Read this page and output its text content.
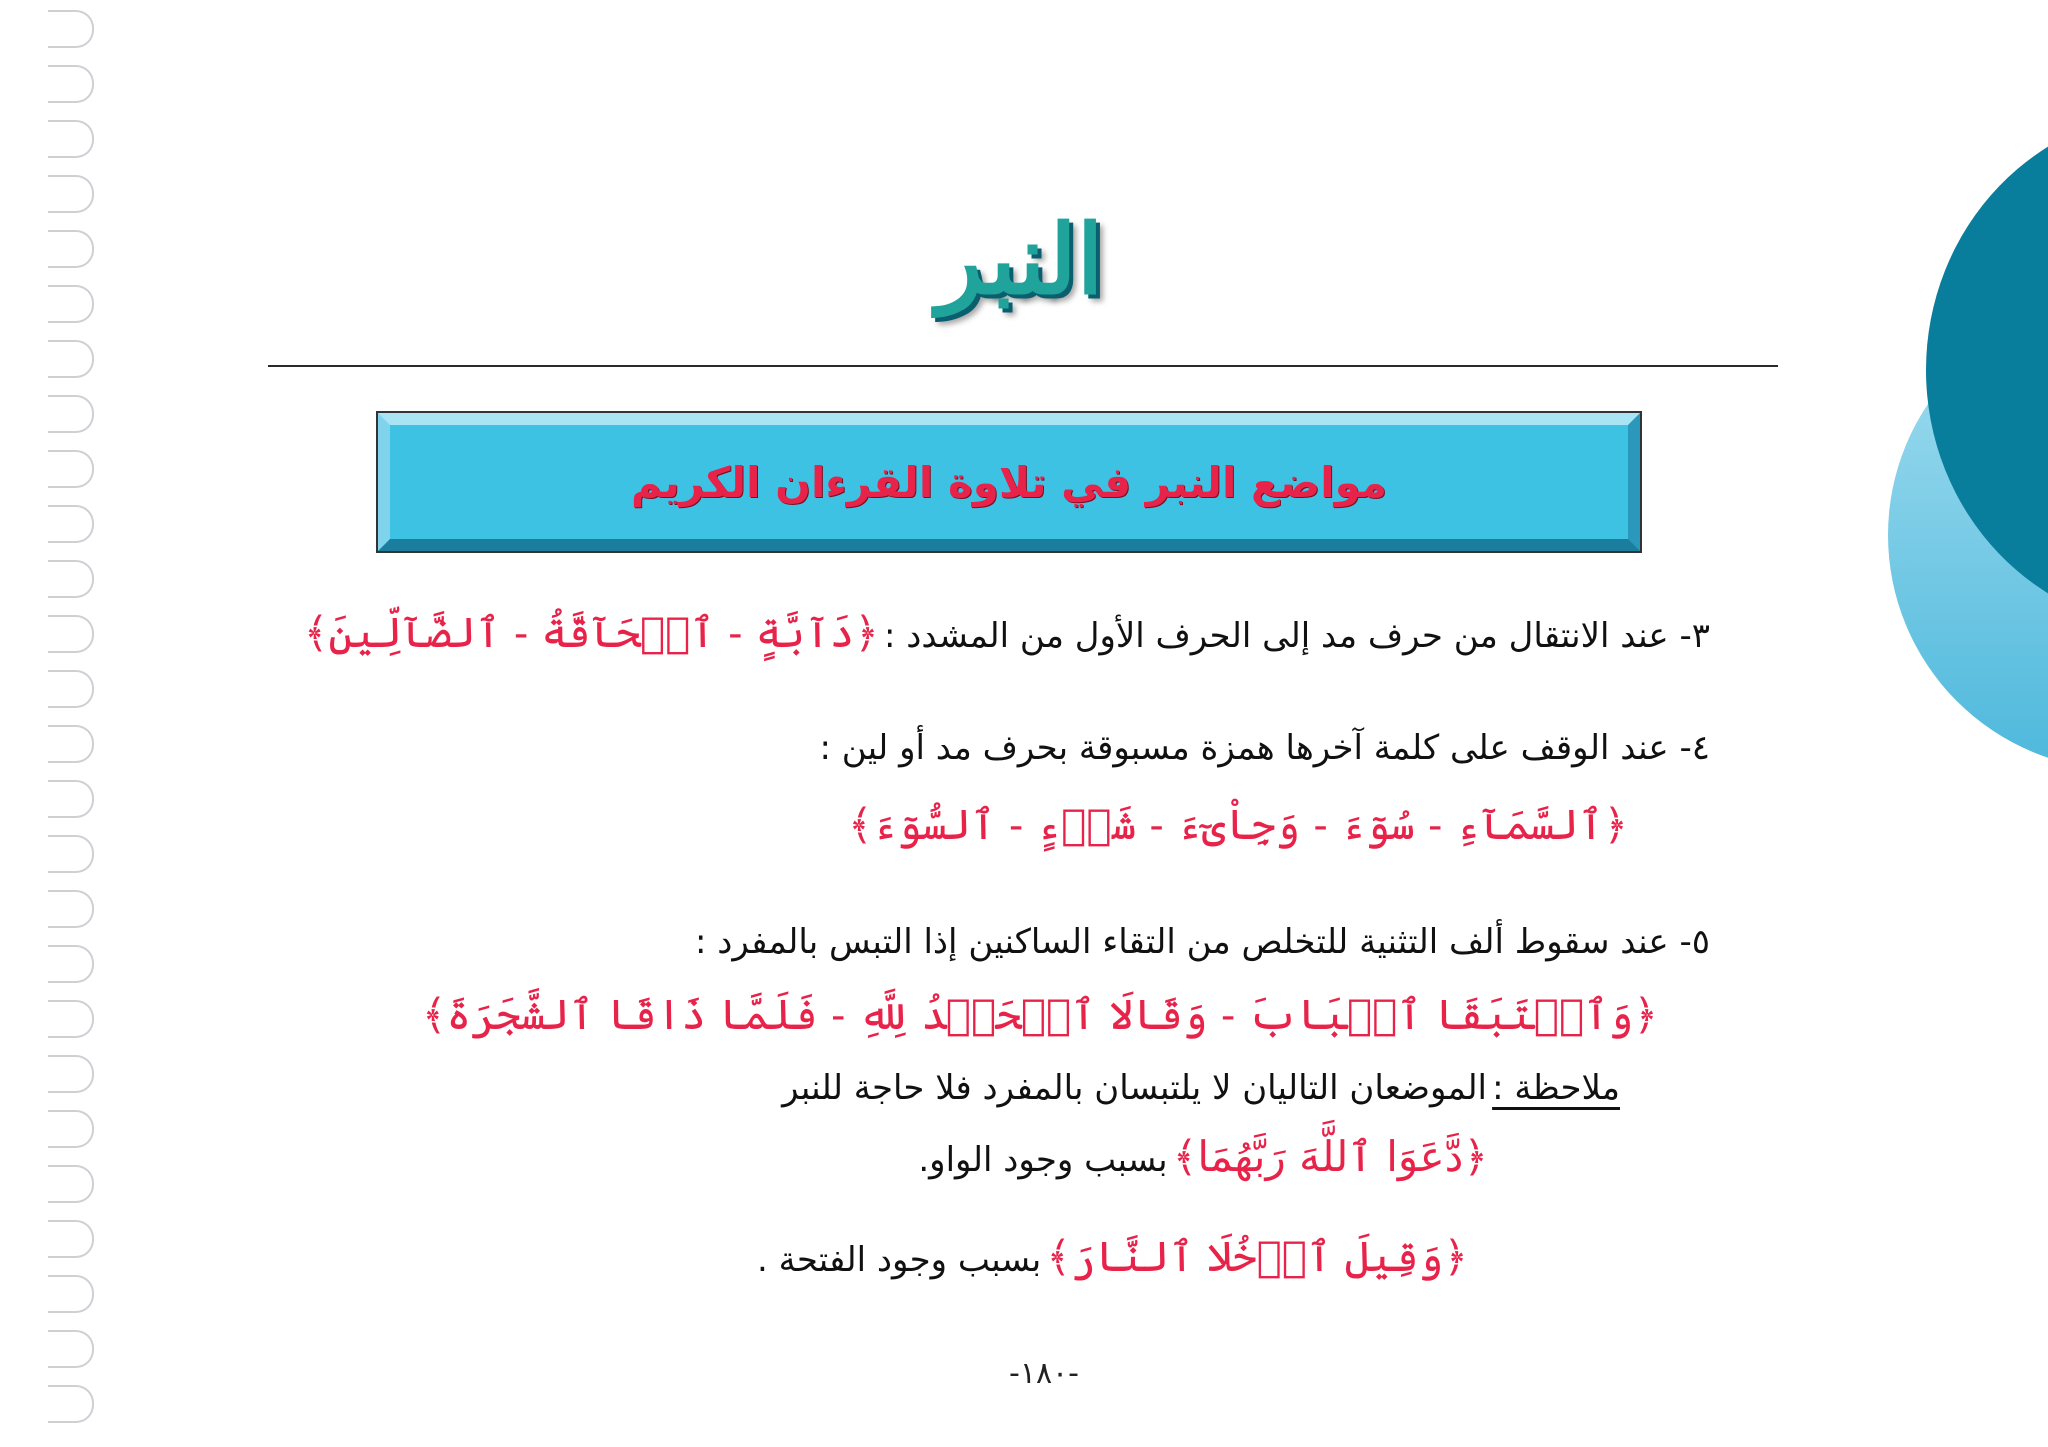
النبر
مواضع النبر في تلاوة القرءان الكريم
٣- عند الانتقال من حرف مد إلى الحرف الأول من المشدد : ﴿دَآبَّةٍ - ٱلۡحَآقَّةُ - ٱلضَّآلِّينَ﴾
٤- عند الوقف على كلمة آخرها همزة مسبوقة بحرف مد أو لين :
﴿ٱلسَّمَآءِ - سُوٓءَ - وَجِاْىٓءَ - شَيۡءٍ - ٱلسُّوٓءَ﴾
٥- عند سقوط ألف التثنية للتخلص من التقاء الساكنين إذا التبس بالمفرد :
﴿وَٱسۡتَبَقَا ٱلۡبَابَ - وَقَالَا ٱلۡحَمۡدُ لِلَّهِ - فَلَمَّا ذَاقَا ٱلشَّجَرَةَ﴾
ملاحظة : الموضعان التاليان لا يلتبسان بالمفرد فلا حاجة للنبر
﴿دَّعَوَا ٱللَّهَ رَبَّهُمَا﴾ بسبب وجود الواو.
﴿وَقِيلَ ٱدۡخُلَا ٱلنَّارَ﴾ بسبب وجود الفتحة .
-١٨٠-
